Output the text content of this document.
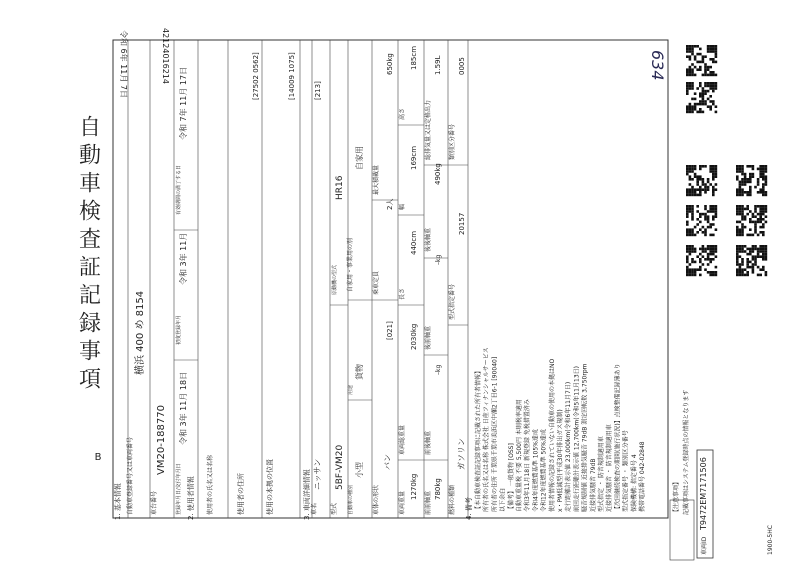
自動車検査証記録事項
B
令和 6年 11月 7日	42124016214	634
1. 基本情報	2. 使用者情報	3. 車両詳細情報	4. 備考
自動車登録番号又は車両番号
横浜 400 め 8154
車台番号
VM20-188770
登録年月日/交付年月日
令和 3年 11月 18日
初度登録年月
令和 3年 11月
有効期間の満了する日
令和 7年 11月 17日
使用者の氏名又は名称	使用者の住所
[27502 0562]
使用の本拠の位置
[14009 1075]
車名
ニッサン
[213]
型式
5BF-VM20
原動機の型式
HR16
自動車の種別
小型
用途
貨物
自家用・事業用の別
自家用
車体の形状
バン
[021]
乗車定員
2人
最大積載量
650kg
車両重量
1270kg
車両総重量
2030kg
長さ
440cm
幅
169cm
高さ
185cm
前前軸重
780kg
前後軸重
–kg
後前軸重
–kg
後後軸重
490kg
総排気量又は定格出力
1.59L
燃料の種類
ガソリン
型式指定番号
20157
類別区分番号
0005
【注意事項】 記載事項はシステム登録時点の情報となります
車両ID
T9472EM7171506
1900-5HC
【本自動車検査証記録事項に記載された所有者情報】 所有者の氏名又は名称 株式会社 日産フィナンシャルサービス 所有者の住所 千葉県千葉市美浜区中瀬2丁目6-1 [90040] 以下余白 【備考】 一般貨物 [OSS] 自動車重量税 不要 5,500円 本則税率適用 令和3年11月18日 新規登録 免税措置済み 令和4年度燃費基準 105%達成 令和12年度燃費基準 50%達成 使用者情報の記録されていない自動車の使用の本拠はNO x・PM低減型(平成30年排出ガス規制) 走行距離計表示値 23,000km(令和6年11月7日) 前回走行距離計表示値 12,700km(令和5年11月13日) 騒音規制値 近接排気騒音 79dB 測定回転数 3,750rpm 近接排気騒音 79dB 型式指定 ・ 防音規制適用車 近接排気騒音 ・ 防音規制適用車 【次回継続検査の期間(施行状況)】点検整備記録簿あり 型式指定番号 ・ 類別区分番号 保険機構: 指定番号 4 携帯電話番号 042-02848
